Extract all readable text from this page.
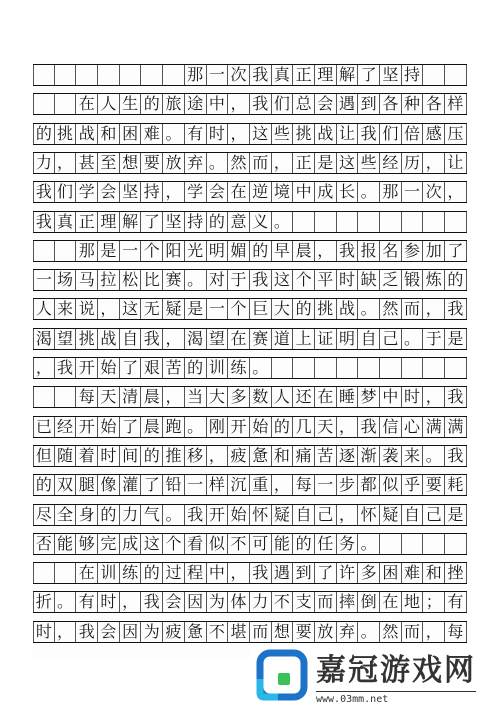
那 一 次 我 真 正 理 解 了 坚 持
在 人 生 的 旅 途 中 ， 我 们 总 会 遇 到 各 种 各 样
的 挑 战 和 困 难 。 有 时 ， 这 些 挑 战 让 我 们 倍 感 压
力 ， 甚 至 想 要 放 弃 。 然 而 ， 正 是 这 些 经 历 ， 让
我 们 学 会 坚 持 ， 学 会 在 逆 境 中 成 长 。 那 一 次 ，
我 真 正 理 解 了 坚 持 的 意 义 。
那 是 一 个 阳 光 明 媚 的 早 晨 ， 我 报 名 参 加 了
一 场 马 拉 松 比 赛 。 对 于 我 这 个 平 时 缺 乏 锻 炼 的
人 来 说 ， 这 无 疑 是 一 个 巨 大 的 挑 战 。 然 而 ， 我
渴 望 挑 战 自 我 ， 渴 望 在 赛 道 上 证 明 自 己 。 于 是
， 我 开 始 了 艰 苦 的 训 练 。
每 天 清 晨 ， 当 大 多 数 人 还 在 睡 梦 中 时 ， 我
已 经 开 始 了 晨 跑 。 刚 开 始 的 几 天 ， 我 信 心 满 满
但 随 着 时 间 的 推 移 ， 疲 惫 和 痛 苦 逐 渐 袭 来 。 我
的 双 腿 像 灌 了 铅 一 样 沉 重 ， 每 一 步 都 似 乎 要 耗
尽 全 身 的 力 气 。 我 开 始 怀 疑 自 己 ， 怀 疑 自 己 是
否 能 够 完 成 这 个 看 似 不 可 能 的 任 务 。
在 训 练 的 过 程 中 ， 我 遇 到 了 许 多 困 难 和 挫
折 。 有 时 ， 我 会 因 为 体 力 不 支 而 摔 倒 在 地 ； 有
时 ， 我 会 因 为 疲 惫 不 堪 而 想 要 放 弃 。 然 而 ， 每
嘉冠游戏网
www.03mm.net
